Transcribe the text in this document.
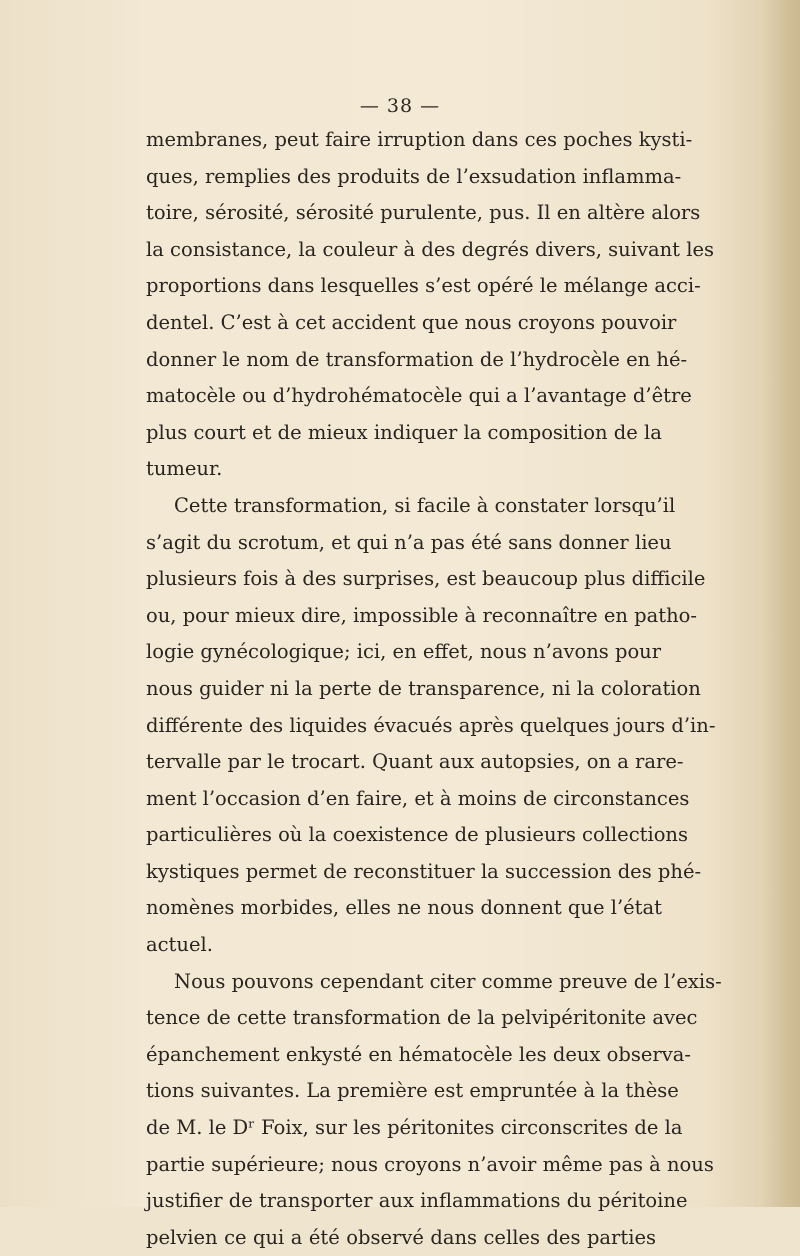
— 38 —
membranes, peut faire irruption dans ces poches kysti-
ques, remplies des produits de l’exsudation inflamma-
toire, sérosité, sérosité purulente, pus. Il en altère alors
la consistance, la couleur à des degrés divers, suivant les
proportions dans lesquelles s’est opéré le mélange acci-
dentel. C’est à cet accident que nous croyons pouvoir
donner le nom de transformation de l’hydrocèle en hé-
matocèle ou d’hydrohématocèle qui a l’avantage d’être
plus court et de mieux indiquer la composition de la
tumeur.
Cette transformation, si facile à constater lorsqu’il
s’agit du scrotum, et qui n’a pas été sans donner lieu
plusieurs fois à des surprises, est beaucoup plus difficile
ou, pour mieux dire, impossible à reconnaître en patho-
logie gynécologique; ici, en effet, nous n’avons pour
nous guider ni la perte de transparence, ni la coloration
différente des liquides évacués après quelques jours d’in-
tervalle par le trocart. Quant aux autopsies, on a rare-
ment l’occasion d’en faire, et à moins de circonstances
particulières où la coexistence de plusieurs collections
kystiques permet de reconstituer la succession des phé-
nomènes morbides, elles ne nous donnent que l’état
actuel.
Nous pouvons cependant citer comme preuve de l’exis-
tence de cette transformation de la pelvipéritonite avec
épanchement enkysté en hématocèle les deux observa-
tions suivantes. La première est empruntée à la thèse
de M. le Dʳ Foix, sur les péritonites circonscrites de la
partie supérieure; nous croyons n’avoir même pas à nous
justifier de transporter aux inflammations du péritoine
pelvien ce qui a été observé dans celles des parties
